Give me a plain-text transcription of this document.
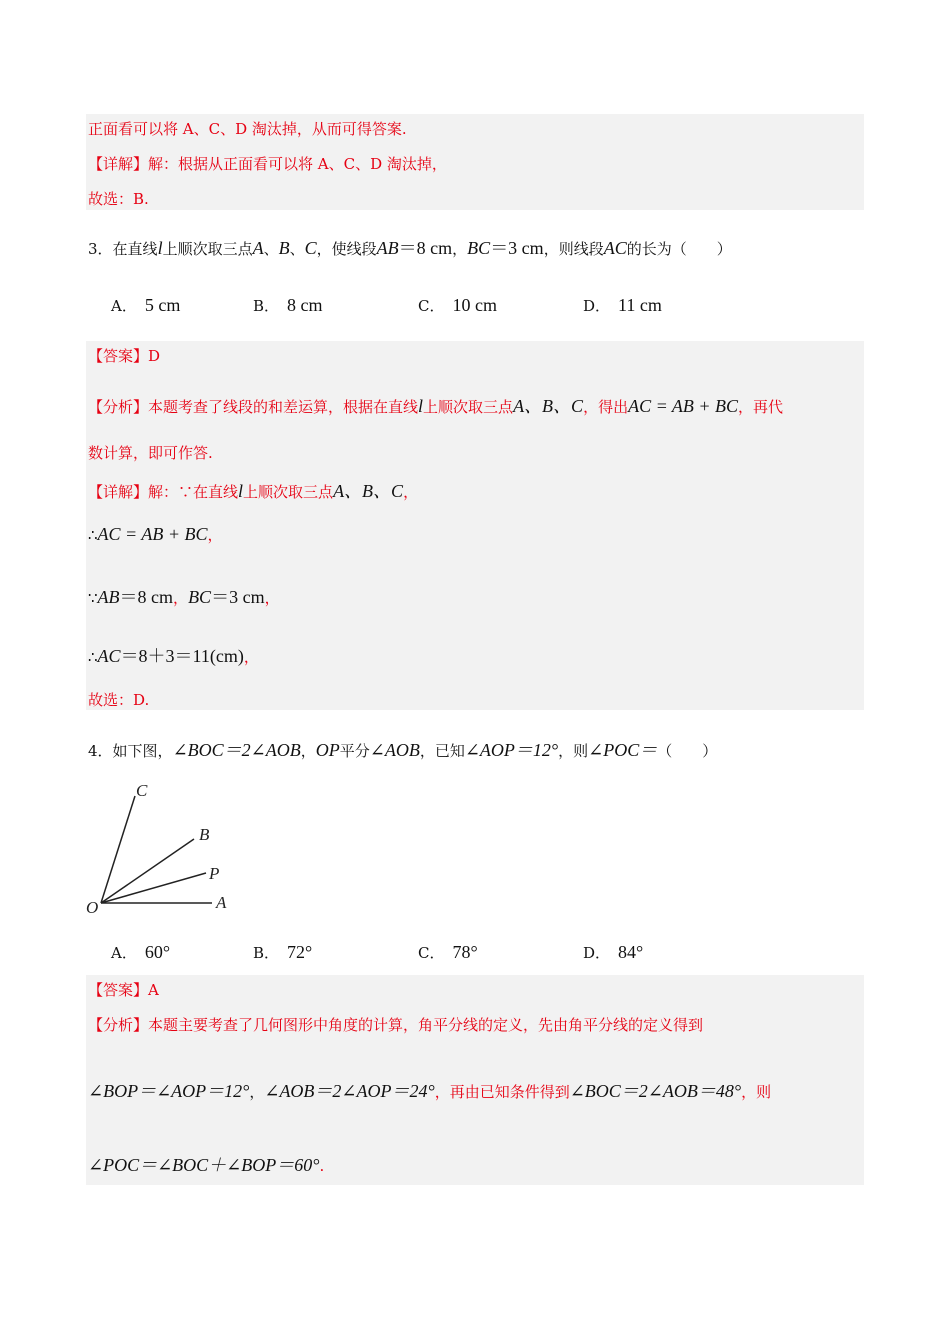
正面看可以将 A、C、D 淘汰掉，从而可得答案.
【详解】解：根据从正面看可以将 A、C、D 淘汰掉，
故选：B.
3．在直线l上顺次取三点A、B、C，使线段AB＝8 cm，BC＝3 cm，则线段AC的长为（　　）
A． 5 cm	B． 8 cm	C． 10 cm	D． 11 cm
【答案】D
【分析】本题考查了线段的和差运算，根据在直线l上顺次取三点A、B、C，得出AC = AB + BC，再代
数计算，即可作答.
【详解】解：∵在直线l上顺次取三点A、B、C，
∴AC = AB + BC，
∵AB＝8 cm，BC＝3 cm，
∴AC＝8＋3＝11(cm)，
故选：D.
4．如下图，∠BOC＝2∠AOB，OP平分∠AOB，已知∠AOP＝12°，则∠POC＝（　　）
C
B
P
O	A
A． 60°	B． 72°	C． 78°	D． 84°
【答案】A
【分析】本题主要考查了几何图形中角度的计算，角平分线的定义，先由角平分线的定义得到
∠BOP＝∠AOP＝12°，∠AOB＝2∠AOP＝24°，再由已知条件得到∠BOC＝2∠AOB＝48°，则
∠POC＝∠BOC＋∠BOP＝60°.
